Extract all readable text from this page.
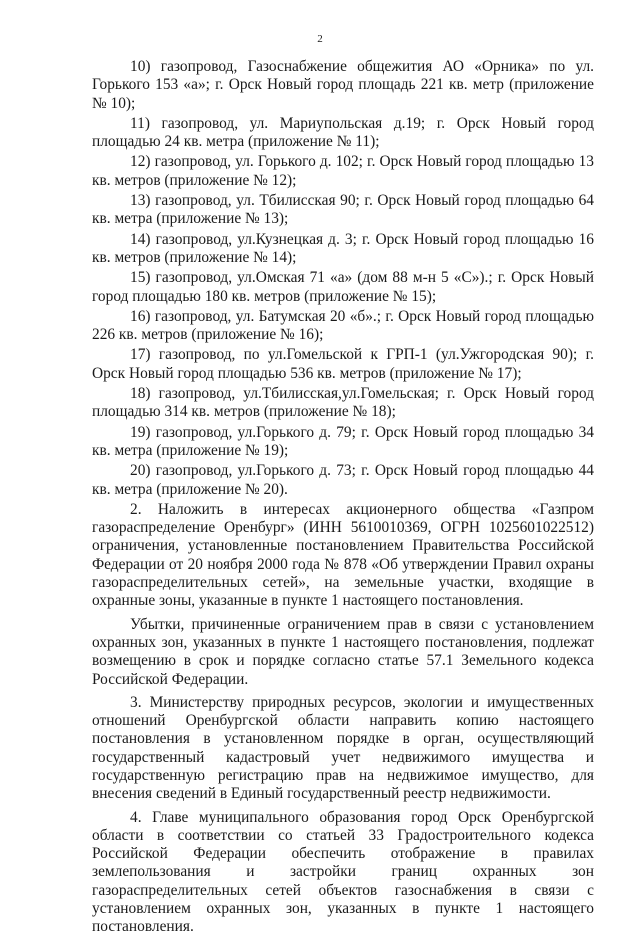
2

10) газопровод, Газоснабжение общежития АО «Орника» по ул. Горького 153 «а»; г. Орск Новый город площадь 221 кв. метр (приложение № 10);

11) газопровод, ул. Мариупольская д.19; г. Орск Новый город площадью 24 кв. метра (приложение № 11);

12) газопровод, ул. Горького д. 102; г. Орск Новый город площадью 13 кв. метров (приложение № 12);

13) газопровод, ул. Тбилисская 90; г. Орск Новый город площадью 64 кв. метра (приложение № 13);

14) газопровод, ул.Кузнецкая д. 3; г. Орск Новый город площадью 16 кв. метров (приложение № 14);

15) газопровод, ул.Омская 71 «а» (дом 88 м-н 5 «С»).; г. Орск Новый город площадью 180 кв. метров (приложение № 15);

16) газопровод, ул. Батумская 20 «б».; г. Орск Новый город площадью 226 кв. метров (приложение № 16);

17) газопровод, по ул.Гомельской к ГРП-1 (ул.Ужгородская 90); г. Орск Новый город площадью 536 кв. метров (приложение № 17);

18) газопровод, ул.Тбилисская,ул.Гомельская; г. Орск Новый город площадью 314 кв. метров (приложение № 18);

19) газопровод, ул.Горького д. 79; г. Орск Новый город площадью 34 кв. метра (приложение № 19);

20) газопровод, ул.Горького д. 73; г. Орск Новый город площадью 44 кв. метра (приложение № 20).

2. Наложить в интересах акционерного общества «Газпром газораспределение Оренбург» (ИНН 5610010369, ОГРН 1025601022512) ограничения, установленные постановлением Правительства Российской Федерации от 20 ноября 2000 года № 878 «Об утверждении Правил охраны газораспределительных сетей», на земельные участки, входящие в охранные зоны, указанные в пункте 1 настоящего постановления.

Убытки, причиненные ограничением прав в связи с установлением охранных зон, указанных в пункте 1 настоящего постановления, подлежат возмещению в срок и порядке согласно статье 57.1 Земельного кодекса Российской Федерации.

3. Министерству природных ресурсов, экологии и имущественных отношений Оренбургской области направить копию настоящего постановления в установленном порядке в орган, осуществляющий государственный кадастровый учет недвижимого имущества и государственную регистрацию прав на недвижимое имущество, для внесения сведений в Единый государственный реестр недвижимости.

4. Главе муниципального образования город Орск Оренбургской области в соответствии со статьей 33 Градостроительного кодекса Российской Федерации обеспечить отображение в правилах землепользования и застройки границ охранных зон газораспределительных сетей объектов газоснабжения в связи с установлением охранных зон, указанных в пункте 1 настоящего постановления.
